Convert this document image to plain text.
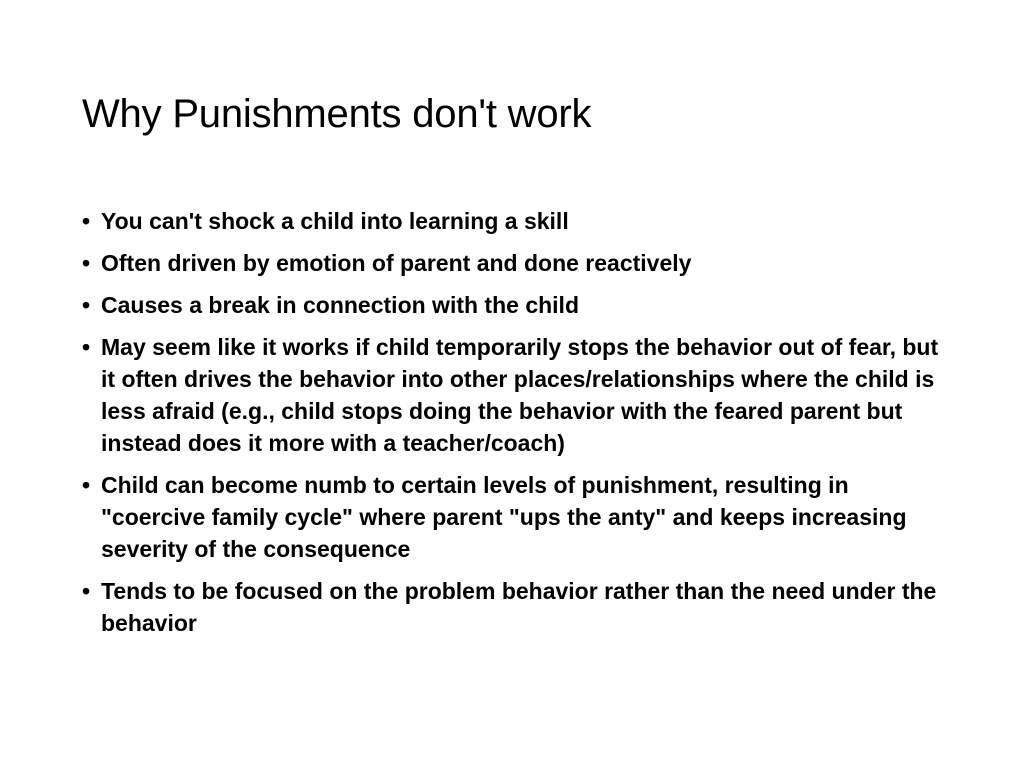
Why Punishments don't work
• You can't shock a child into learning a skill
• Often driven by emotion of parent and done reactively
• Causes a break in connection with the child
• May seem like it works if child temporarily stops the behavior out of fear, but it often drives the behavior into other places/relationships where the child is less afraid (e.g., child stops doing the behavior with the feared parent but instead does it more with a teacher/coach)
• Child can become numb to certain levels of punishment, resulting in "coercive family cycle" where parent "ups the anty" and keeps increasing severity of the consequence
• Tends to be focused on the problem behavior rather than the need under the behavior
